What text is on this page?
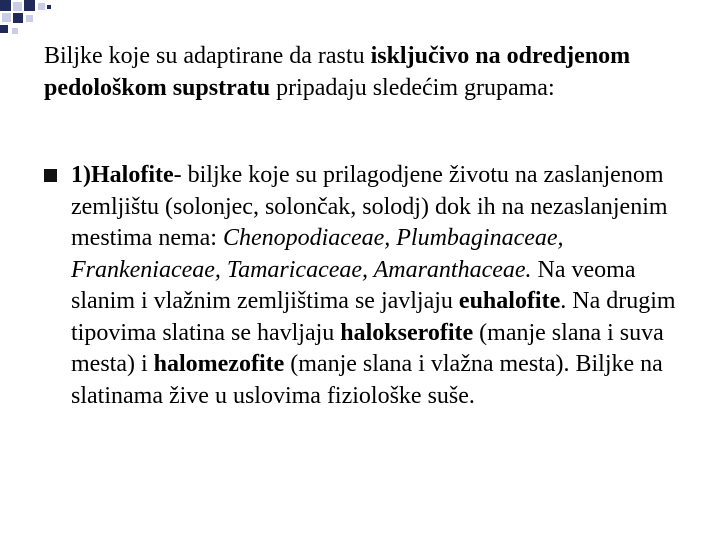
Biljke koje su adaptirane da rastu isključivo na odredjenom pedološkom supstratu pripadaju sledećim grupama:
1)Halofite- biljke koje su prilagodjene životu na zaslanjenom zemljištu (solonjec, solončak, solodj) dok ih na nezaslanjenim mestima nema: Chenopodiaceae, Plumbaginaceae, Frankeniaceae, Tamaricaceae, Amaranthaceae. Na veoma slanim i vlažnim zemljištima se javljaju euhalofite. Na drugim tipovima slatina se havljaju halokserofite (manje slana i suva mesta) i halomezofite (manje slana i vlažna mesta). Biljke na slatinama žive u uslovima fiziološke suše.
